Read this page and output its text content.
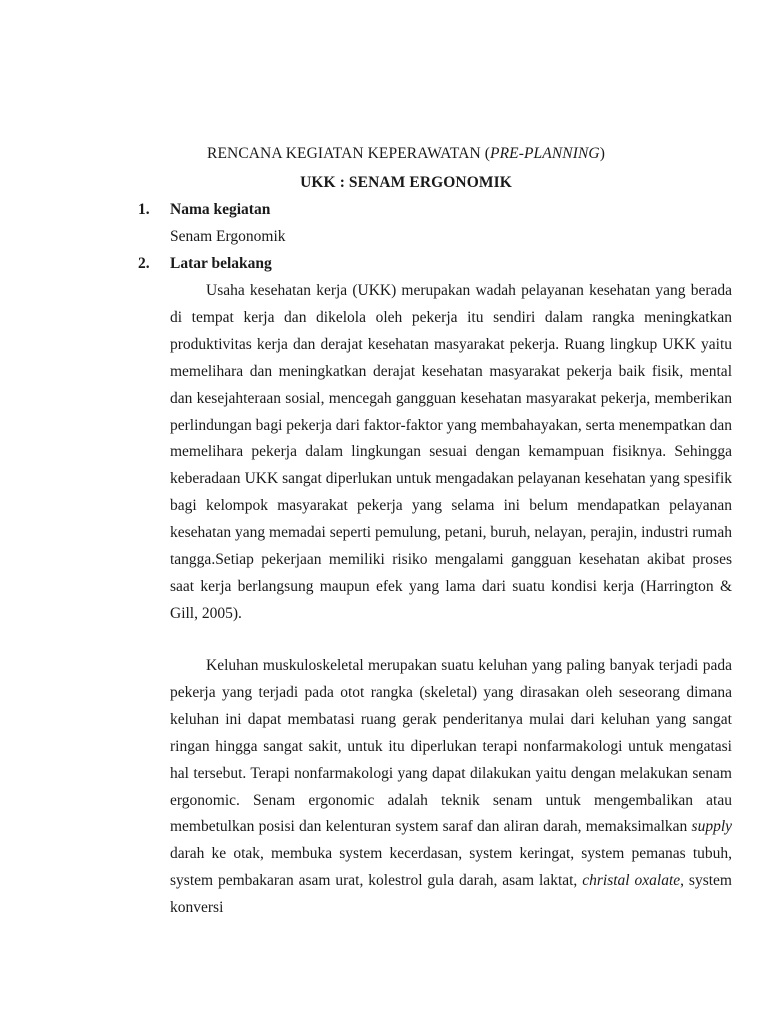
RENCANA KEGIATAN KEPERAWATAN (PRE-PLANNING)
UKK : SENAM ERGONOMIK
1. Nama kegiatan
Senam Ergonomik
2. Latar belakang

Usaha kesehatan kerja (UKK) merupakan wadah pelayanan kesehatan yang berada di tempat kerja dan dikelola oleh pekerja itu sendiri dalam rangka meningkatkan produktivitas kerja dan derajat kesehatan masyarakat pekerja. Ruang lingkup UKK yaitu memelihara dan meningkatkan derajat kesehatan masyarakat pekerja baik fisik, mental dan kesejahteraan sosial, mencegah gangguan kesehatan masyarakat pekerja, memberikan perlindungan bagi pekerja dari faktor-faktor yang membahayakan, serta menempatkan dan memelihara pekerja dalam lingkungan sesuai dengan kemampuan fisiknya. Sehingga keberadaan UKK sangat diperlukan untuk mengadakan pelayanan kesehatan yang spesifik bagi kelompok masyarakat pekerja yang selama ini belum mendapatkan pelayanan kesehatan yang memadai seperti pemulung, petani, buruh, nelayan, perajin, industri rumah tangga.Setiap pekerjaan memiliki risiko mengalami gangguan kesehatan akibat proses saat kerja berlangsung maupun efek yang lama dari suatu kondisi kerja (Harrington & Gill, 2005).

Keluhan muskuloskeletal merupakan suatu keluhan yang paling banyak terjadi pada pekerja yang terjadi pada otot rangka (skeletal) yang dirasakan oleh seseorang dimana keluhan ini dapat membatasi ruang gerak penderitanya mulai dari keluhan yang sangat ringan hingga sangat sakit, untuk itu diperlukan terapi nonfarmakologi untuk mengatasi hal tersebut. Terapi nonfarmakologi yang dapat dilakukan yaitu dengan melakukan senam ergonomic. Senam ergonomic adalah teknik senam untuk mengembalikan atau membetulkan posisi dan kelenturan system saraf dan aliran darah, memaksimalkan supply darah ke otak, membuka system kecerdasan, system keringat, system pemanas tubuh, system pembakaran asam urat, kolestrol gula darah, asam laktat, christal oxalate, system konversi
